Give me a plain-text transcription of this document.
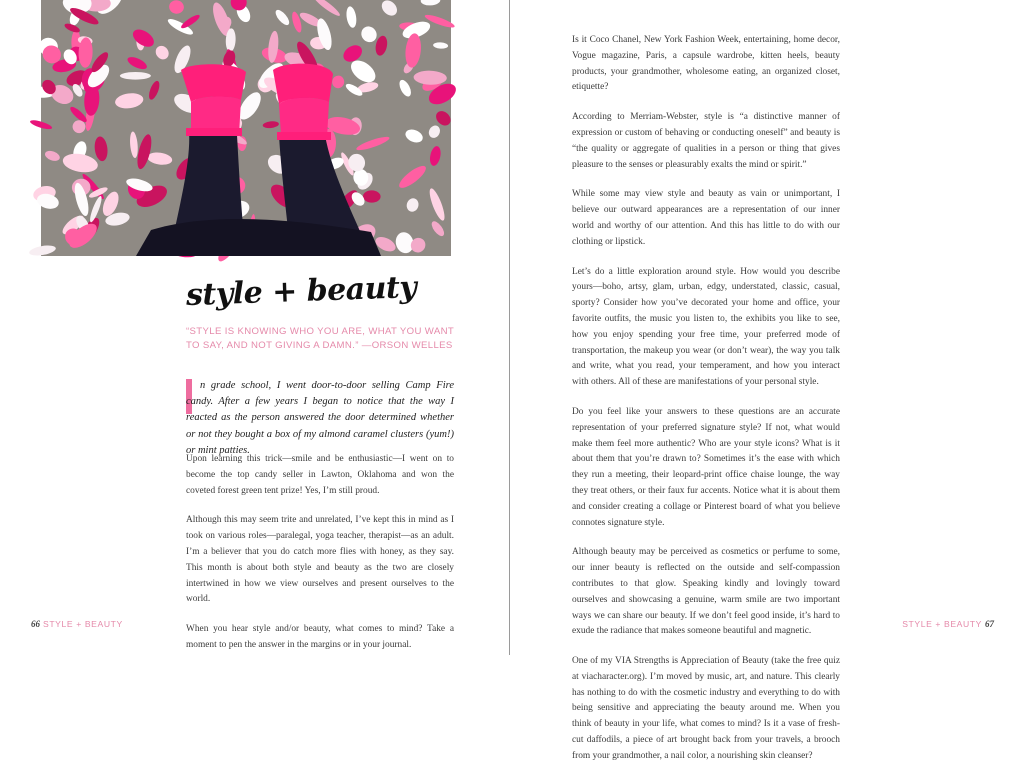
style + beauty
“STYLE IS KNOWING WHO YOU ARE, WHAT YOU WANT TO SAY, AND NOT GIVING A DAMN.” —ORSON WELLES
n grade school, I went door-to-door selling Camp Fire candy. After a few years I began to notice that the way I reacted as the person answered the door determined whether or not they bought a box of my almond caramel clusters (yum!) or mint patties.

Upon learning this trick—smile and be enthusiastic—I went on to become the top candy seller in Lawton, Oklahoma and won the coveted forest green tent prize! Yes, I’m still proud.

Although this may seem trite and unrelated, I’ve kept this in mind as I took on various roles—paralegal, yoga teacher, therapist—as an adult. I’m a believer that you do catch more flies with honey, as they say. This month is about both style and beauty as the two are closely intertwined in how we view ourselves and present ourselves to the world.

When you hear style and/or beauty, what comes to mind? Take a moment to pen the answer in the margins or in your journal.

66 STYLE + BEAUTY

Is it Coco Chanel, New York Fashion Week, entertaining, home decor, Vogue magazine, Paris, a capsule wardrobe, kitten heels, beauty products, your grandmother, wholesome eating, an organized closet, etiquette?

According to Merriam-Webster, style is “a distinctive manner of expression or custom of behaving or conducting oneself” and beauty is “the quality or aggregate of qualities in a person or thing that gives pleasure to the senses or pleasurably exalts the mind or spirit.”

While some may view style and beauty as vain or unimportant, I believe our outward appearances are a representation of our inner world and worthy of our attention. And this has little to do with our clothing or lipstick.

Let’s do a little exploration around style. How would you describe yours—boho, artsy, glam, urban, edgy, understated, classic, casual, sporty? Consider how you’ve decorated your home and office, your favorite outfits, the music you listen to, the exhibits you like to see, how you enjoy spending your free time, your preferred mode of transportation, the makeup you wear (or don’t wear), the way you talk and write, what you read, your temperament, and how you interact with others. All of these are manifestations of your personal style.

Do you feel like your answers to these questions are an accurate representation of your preferred signature style? If not, what would make them feel more authentic? Who are your style icons? What is it about them that you’re drawn to? Sometimes it’s the ease with which they run a meeting, their leopard-print office chaise lounge, the way they treat others, or their faux fur accents. Notice what it is about them and consider creating a collage or Pinterest board of what you believe connotes signature style.

Although beauty may be perceived as cosmetics or perfume to some, our inner beauty is reflected on the outside and self-compassion contributes to that glow. Speaking kindly and lovingly toward ourselves and showcasing a genuine, warm smile are two important ways we can share our beauty. If we don’t feel good inside, it’s hard to exude the radiance that makes someone beautiful and magnetic.

One of my VIA Strengths is Appreciation of Beauty (take the free quiz at viacharacter.org). I’m moved by music, art, and nature. This clearly has nothing to do with the cosmetic industry and everything to do with being sensitive and appreciating the beauty around me. When you think of beauty in your life, what comes to mind? Is it a vase of fresh-cut daffodils, a piece of art brought back from your travels, a brooch from your grandmother, a nail color, a nourishing skin cleanser?

STYLE + BEAUTY 67
